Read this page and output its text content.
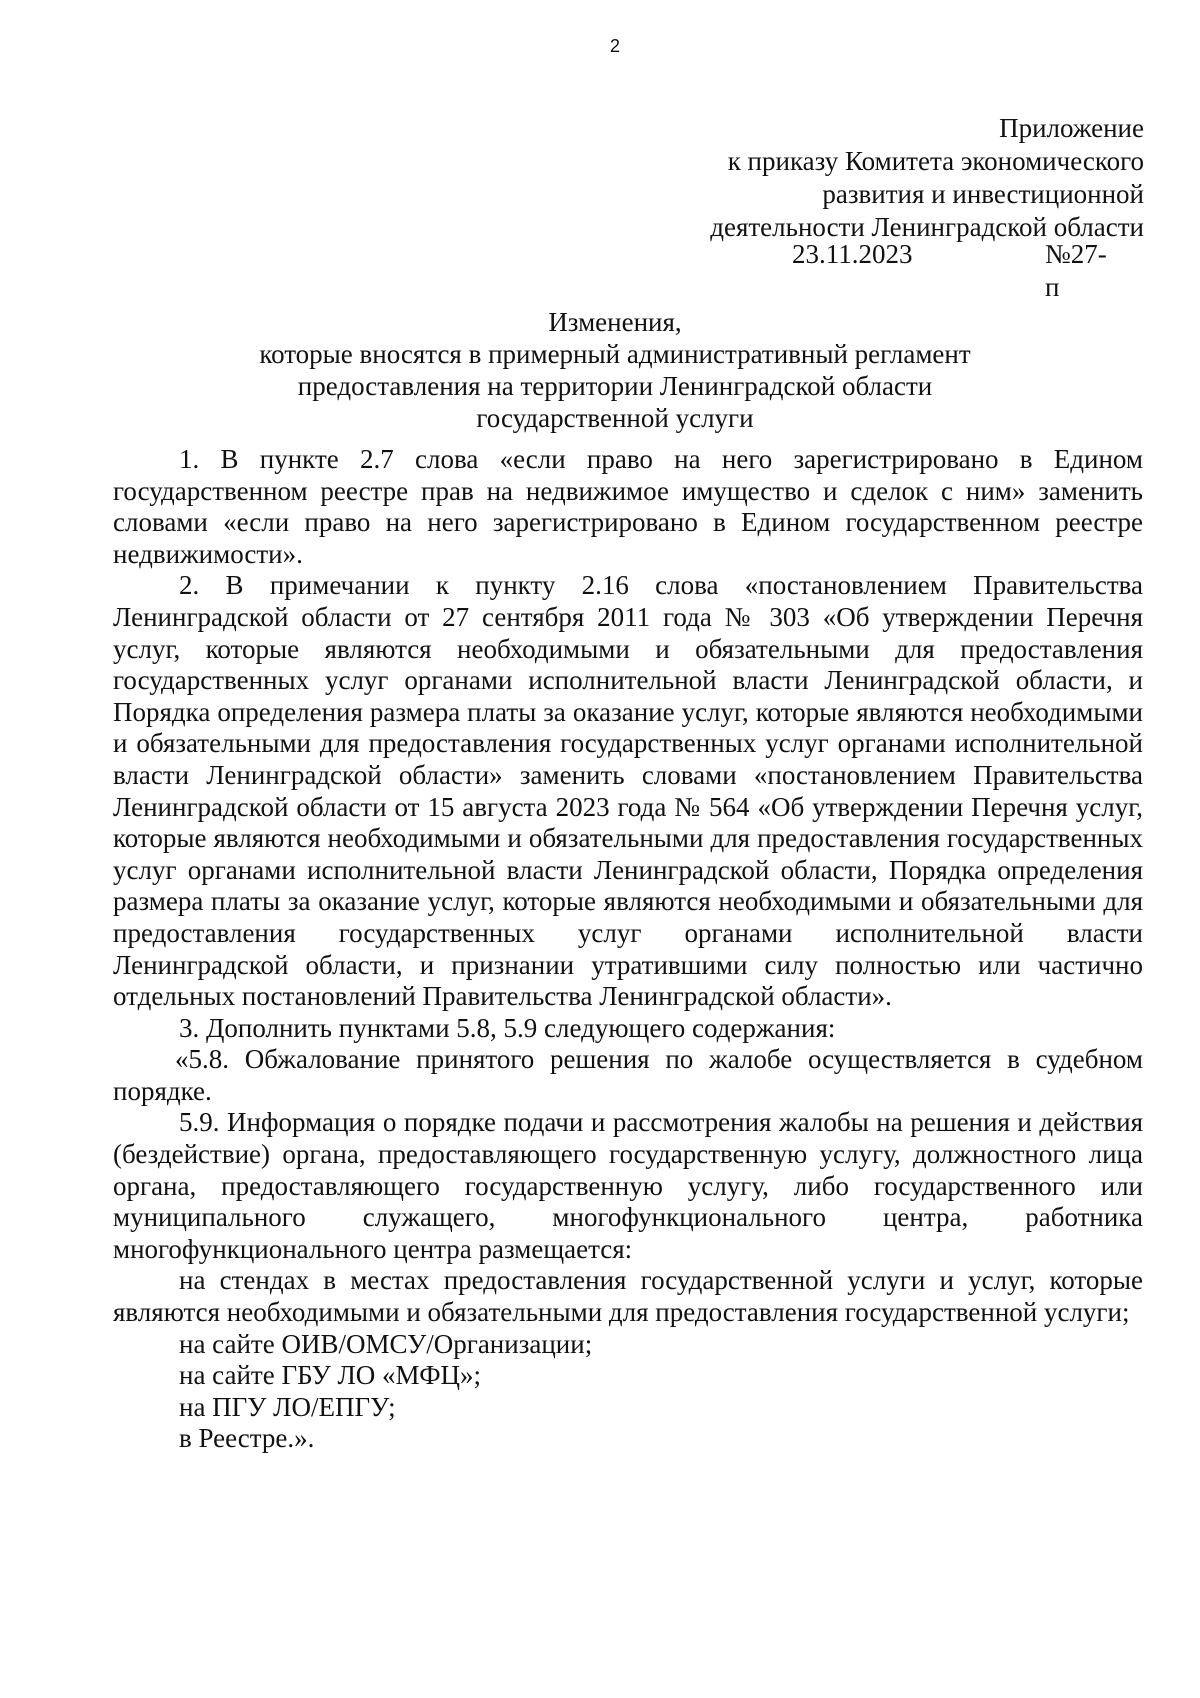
2
Приложение
к приказу Комитета экономического
развития и инвестиционной
деятельности Ленинградской области
23.11.2023	№27-п
Изменения,
которые вносятся в примерный административный регламент
предоставления на территории Ленинградской области
государственной услуги

1. В пункте 2.7 слова «если право на него зарегистрировано в Едином государственном реестре прав на недвижимое имущество и сделок с ним» заменить словами «если право на него зарегистрировано в Едином государственном реестре недвижимости».

2. В примечании к пункту 2.16 слова «постановлением Правительства Ленинградской области от 27 сентября 2011 года № 303 «Об утверждении Перечня услуг, которые являются необходимыми и обязательными для предоставления государственных услуг органами исполнительной власти Ленинградской области, и Порядка определения размера платы за оказание услуг, которые являются необходимыми и обязательными для предоставления государственных услуг органами исполнительной власти Ленинградской области» заменить словами «постановлением Правительства Ленинградской области от 15 августа 2023 года № 564 «Об утверждении Перечня услуг, которые являются необходимыми и обязательными для предоставления государственных услуг органами исполнительной власти Ленинградской области, Порядка определения размера платы за оказание услуг, которые являются необходимыми и обязательными для предоставления государственных услуг органами исполнительной власти Ленинградской области, и признании утратившими силу полностью или частично отдельных постановлений Правительства Ленинградской области».

3. Дополнить пунктами 5.8, 5.9 следующего содержания:

«5.8. Обжалование принятого решения по жалобе осуществляется в судебном порядке.

5.9. Информация о порядке подачи и рассмотрения жалобы на решения и действия (бездействие) органа, предоставляющего государственную услугу, должностного лица органа, предоставляющего государственную услугу, либо государственного или муниципального служащего, многофункционального центра, работника многофункционального центра размещается:

на стендах в местах предоставления государственной услуги и услуг, которые являются необходимыми и обязательными для предоставления государственной услуги;

на сайте ОИВ/ОМСУ/Организации;

на сайте ГБУ ЛО «МФЦ»;

на ПГУ ЛО/ЕПГУ;

в Реестре.».
